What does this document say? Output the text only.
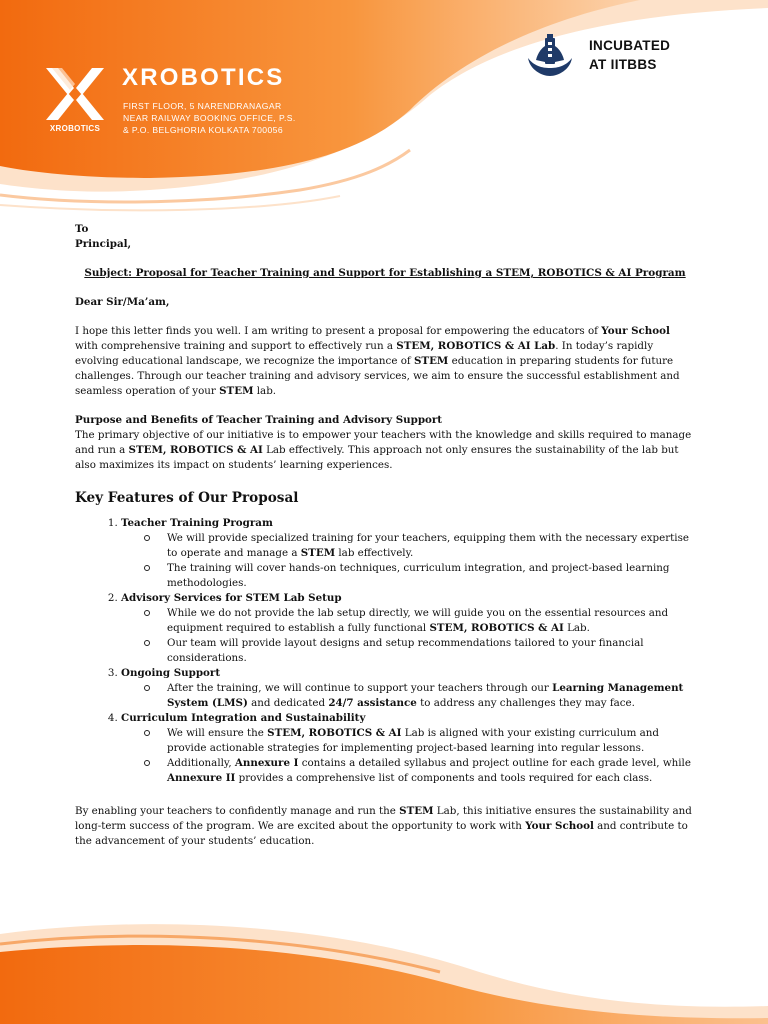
XROBOTICS
XROBOTICS
FIRST FLOOR, 5 NARENDRANAGAR
NEAR RAILWAY BOOKING OFFICE, P.S.
& P.O. BELGHORIA KOLKATA 700056
INCUBATED
AT IITBBS

To

Principal,

Subject: Proposal for Teacher Training and Support for Establishing a STEM, ROBOTICS & AI Program

Dear Sir/Ma’am,

I hope this letter finds you well. I am writing to present a proposal for empowering the educators of Your School with comprehensive training and support to effectively run a STEM, ROBOTICS & AI Lab. In today’s rapidly evolving educational landscape, we recognize the importance of STEM education in preparing students for future challenges. Through our teacher training and advisory services, we aim to ensure the successful establishment and seamless operation of your STEM lab.

Purpose and Benefits of Teacher Training and Advisory Support

The primary objective of our initiative is to empower your teachers with the knowledge and skills required to manage and run a STEM, ROBOTICS & AI Lab effectively. This approach not only ensures the sustainability of the lab but also maximizes its impact on students’ learning experiences.

Key Features of Our Proposal
1. Teacher Training Program
We will provide specialized training for your teachers, equipping them with the necessary expertise to operate and manage a STEM lab effectively.
The training will cover hands-on techniques, curriculum integration, and project-based learning methodologies.
2. Advisory Services for STEM Lab Setup
While we do not provide the lab setup directly, we will guide you on the essential resources and equipment required to establish a fully functional STEM, ROBOTICS & AI Lab.
Our team will provide layout designs and setup recommendations tailored to your financial considerations.
3. Ongoing Support
After the training, we will continue to support your teachers through our Learning Management System (LMS) and dedicated 24/7 assistance to address any challenges they may face.
4. Curriculum Integration and Sustainability
We will ensure the STEM, ROBOTICS & AI Lab is aligned with your existing curriculum and provide actionable strategies for implementing project-based learning into regular lessons.
Additionally, Annexure I contains a detailed syllabus and project outline for each grade level, while Annexure II provides a comprehensive list of components and tools required for each class.

By enabling your teachers to confidently manage and run the STEM Lab, this initiative ensures the sustainability and long-term success of the program. We are excited about the opportunity to work with Your School and contribute to the advancement of your students’ education.
